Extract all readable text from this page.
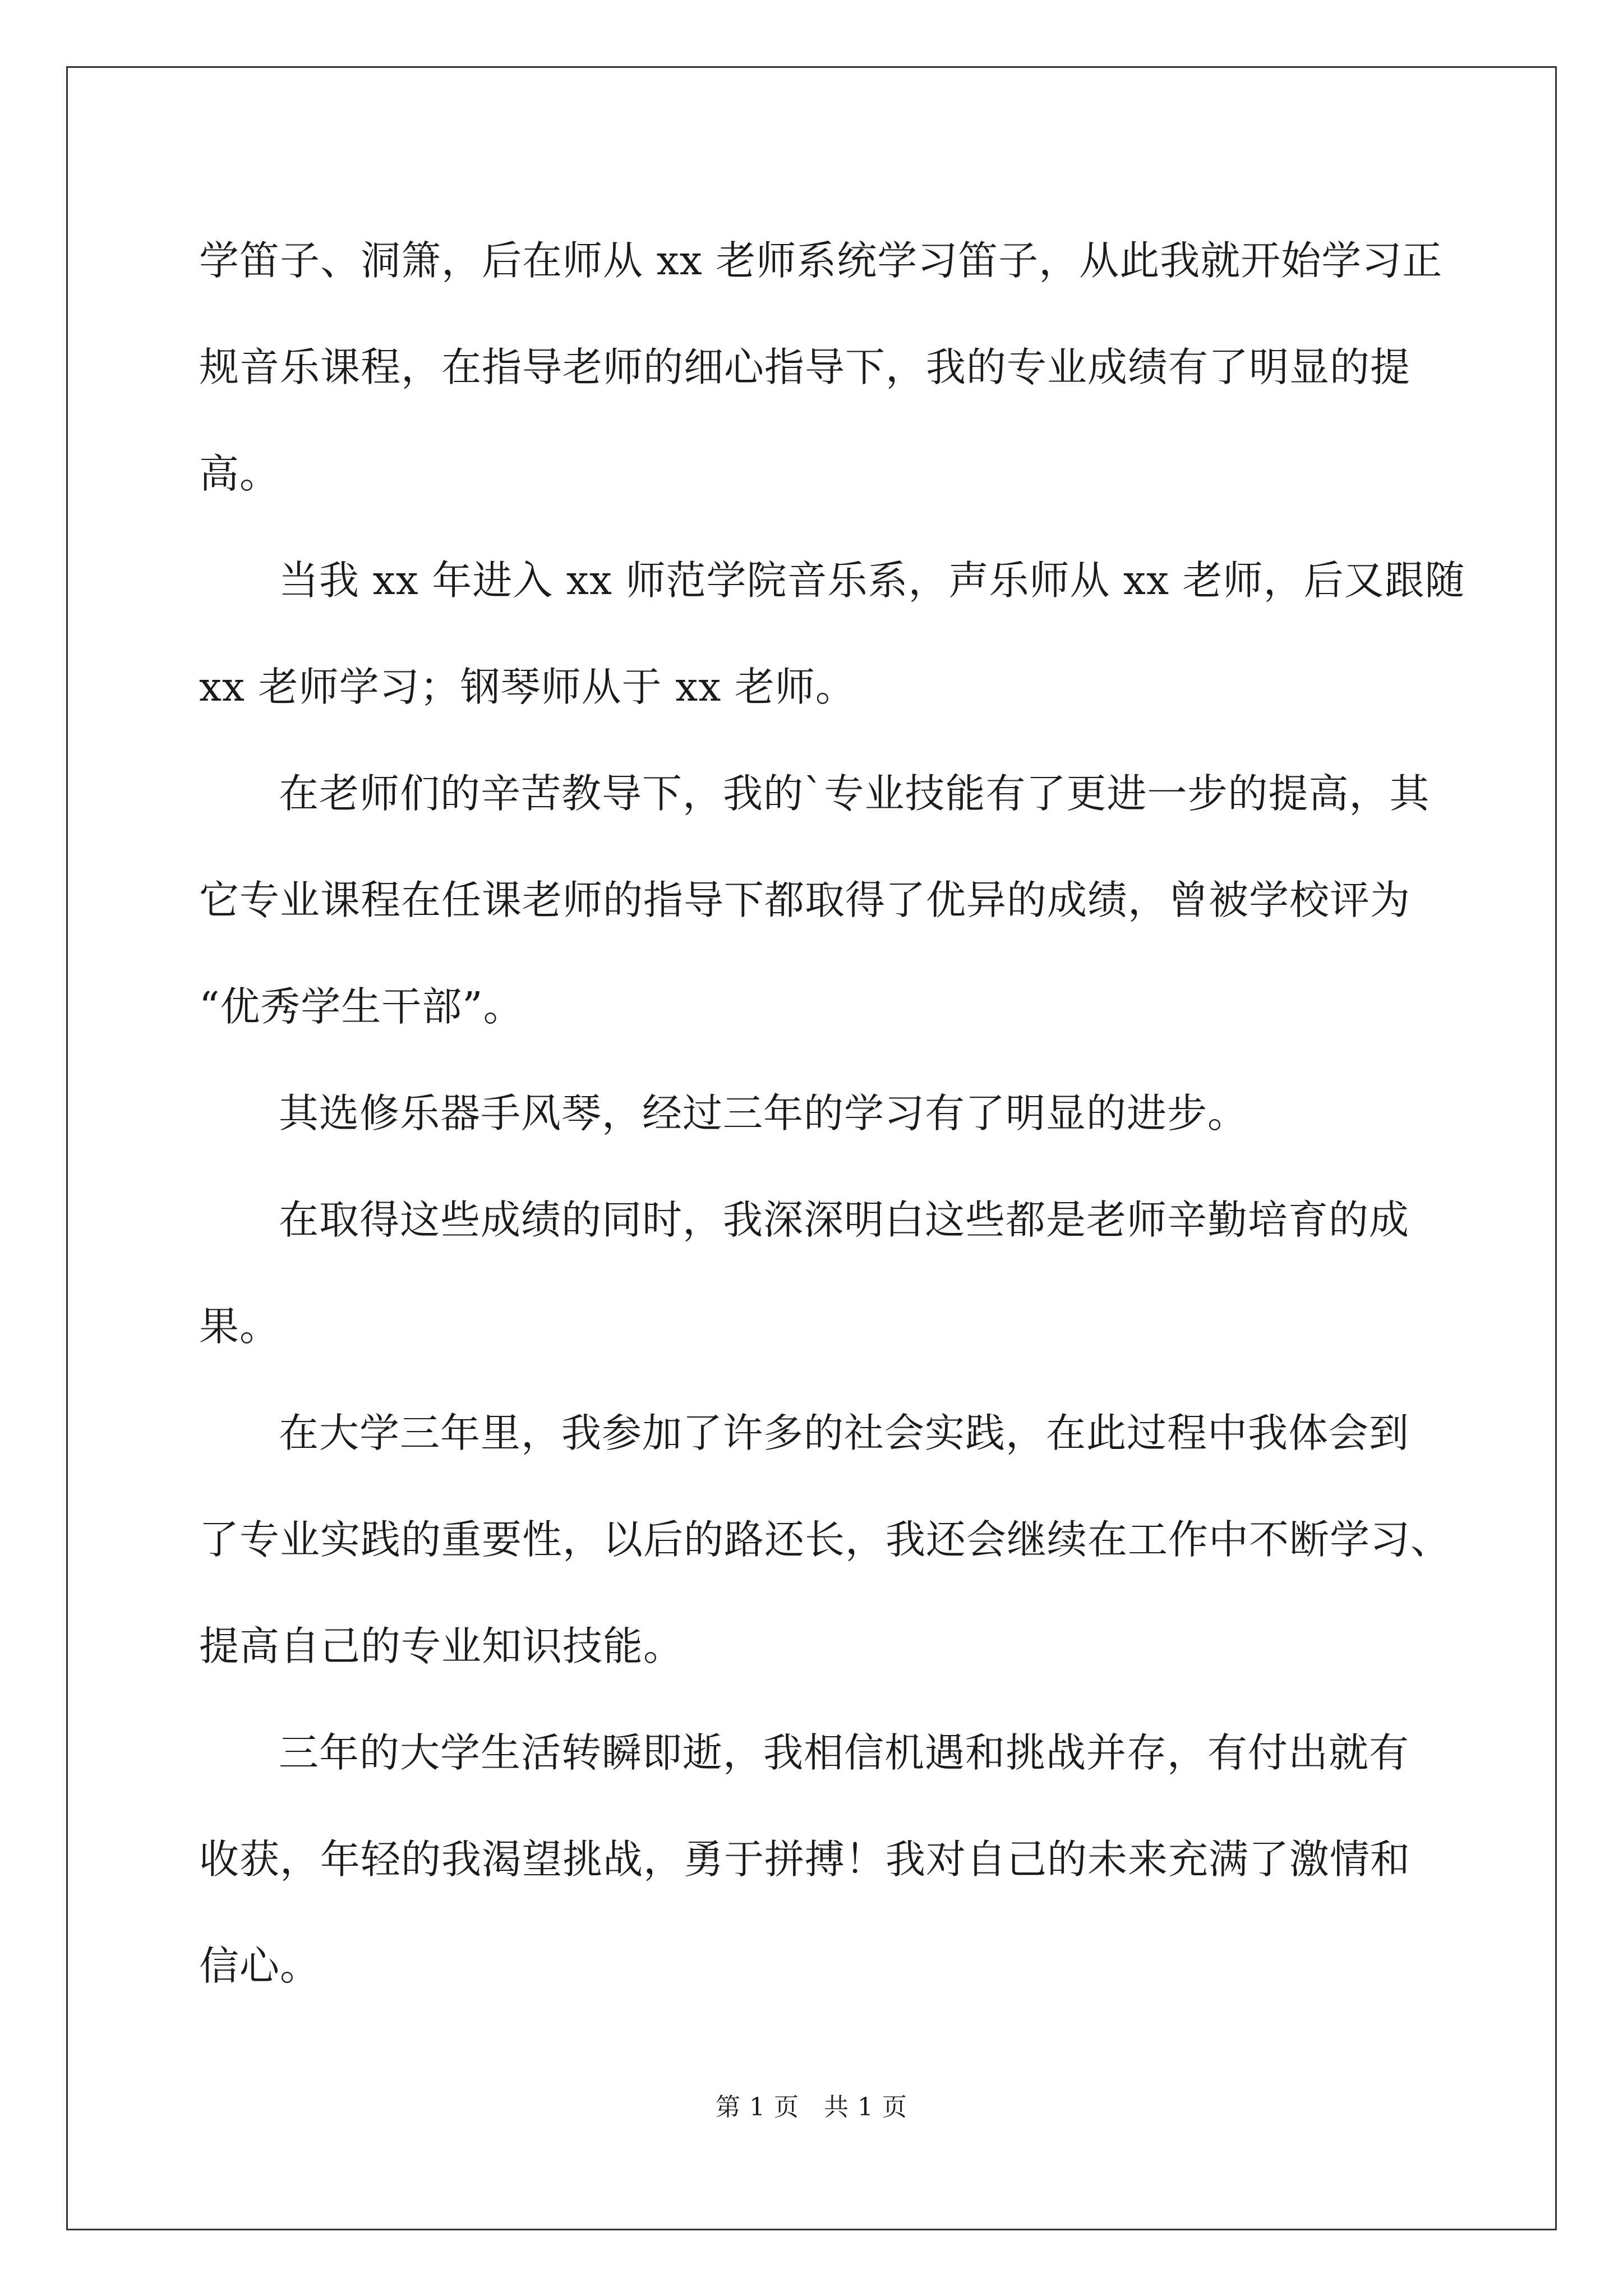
学笛子、洞箫，后在师从 xx 老师系统学习笛子，从此我就开始学习正
规音乐课程，在指导老师的细心指导下，我的专业成绩有了明显的提
高。

当我 xx 年进入 xx 师范学院音乐系，声乐师从 xx 老师，后又跟随
xx 老师学习；钢琴师从于 xx 老师。

在老师们的辛苦教导下，我的`专业技能有了更进一步的提高，其
它专业课程在任课老师的指导下都取得了优异的成绩，曾被学校评为
“优秀学生干部”。

其选修乐器手风琴，经过三年的学习有了明显的进步。

在取得这些成绩的同时，我深深明白这些都是老师辛勤培育的成
果。

在大学三年里，我参加了许多的社会实践，在此过程中我体会到
了专业实践的重要性，以后的路还长，我还会继续在工作中不断学习、
提高自己的专业知识技能。

三年的大学生活转瞬即逝，我相信机遇和挑战并存，有付出就有
收获，年轻的我渴望挑战，勇于拼搏！我对自己的未来充满了激情和
信心。

第 1 页 共 1 页
